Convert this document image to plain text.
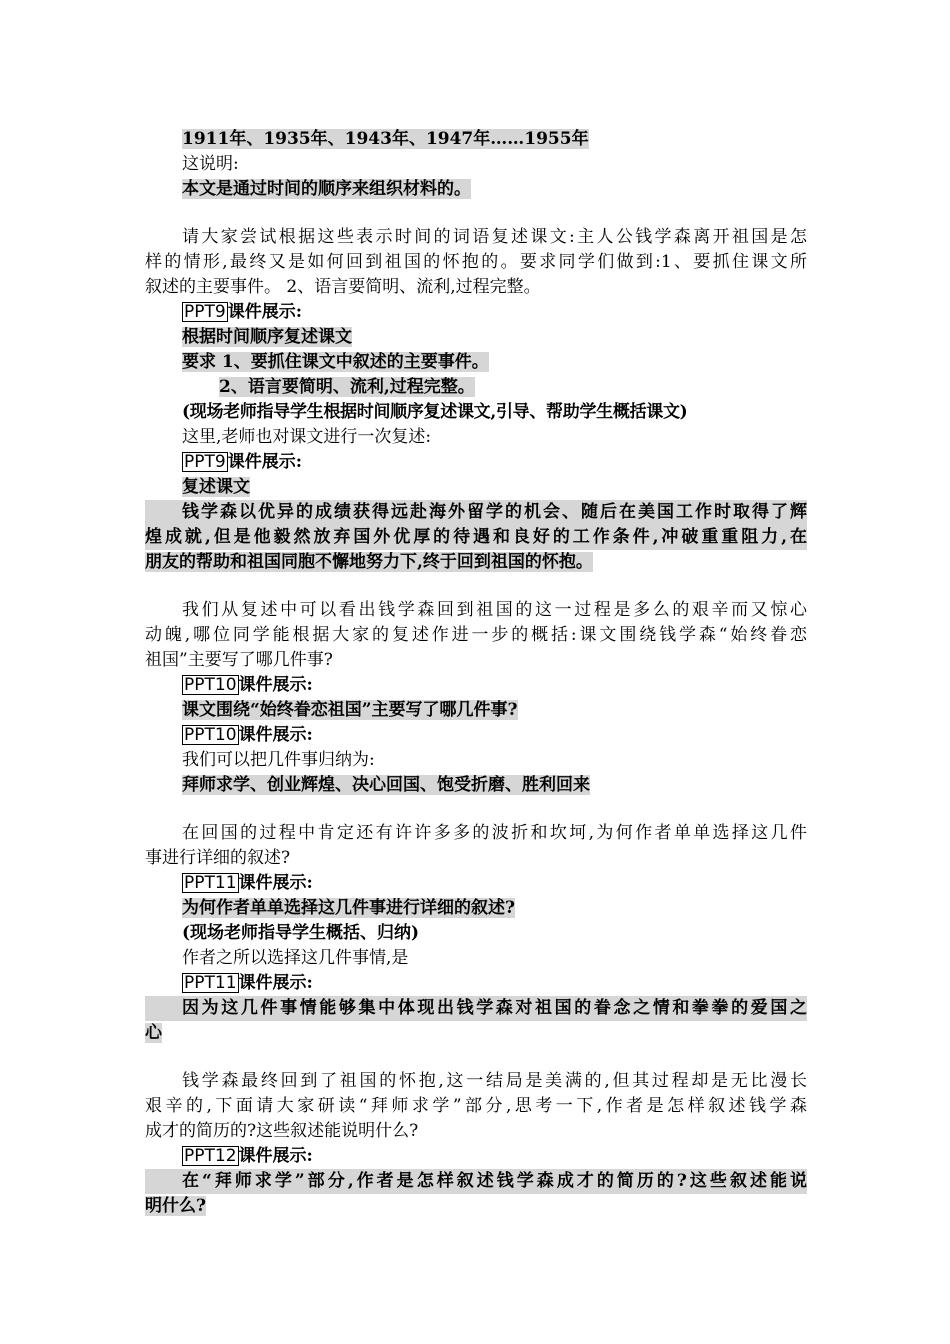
1911年、1935年、1943年、1947年……1955年
这说明:
本文是通过时间的顺序来组织材料的。
请大家尝试根据这些表示时间的词语复述课文:主人公钱学森离开祖国是怎
样的情形,最终又是如何回到祖国的怀抱的。要求同学们做到:1、要抓住课文所
叙述的主要事件。 2、语言要简明、流利,过程完整。
PPT9 课件展示:
根据时间顺序复述课文
要求 1、要抓住课文中叙述的主要事件。
2、语言要简明、流利,过程完整。
(现场老师指导学生根据时间顺序复述课文,引导、帮助学生概括课文)
这里,老师也对课文进行一次复述:
PPT9 课件展示:
复述课文
钱学森以优异的成绩获得远赴海外留学的机会、随后在美国工作时取得了辉
煌成就,但是他毅然放弃国外优厚的待遇和良好的工作条件,冲破重重阻力,在
朋友的帮助和祖国同胞不懈地努力下,终于回到祖国的怀抱。
我们从复述中可以看出钱学森回到祖国的这一过程是多么的艰辛而又惊心
动魄,哪位同学能根据大家的复述作进一步的概括:课文围绕钱学森“始终眷恋
祖国”主要写了哪几件事?
PPT10 课件展示:
课文围绕“始终眷恋祖国”主要写了哪几件事?
PPT10 课件展示:
我们可以把几件事归纳为:
拜师求学、创业辉煌、决心回国、饱受折磨、胜利回来
在回国的过程中肯定还有许许多多的波折和坎坷,为何作者单单选择这几件
事进行详细的叙述?
PPT11 课件展示:
为何作者单单选择这几件事进行详细的叙述?
(现场老师指导学生概括、归纳)
作者之所以选择这几件事情,是
PPT11 课件展示:
因为这几件事情能够集中体现出钱学森对祖国的眷念之情和拳拳的爱国之
心
钱学森最终回到了祖国的怀抱,这一结局是美满的,但其过程却是无比漫长
艰辛的,下面请大家研读“拜师求学”部分,思考一下,作者是怎样叙述钱学森
成才的简历的?这些叙述能说明什么?
PPT12 课件展示:
在“拜师求学”部分,作者是怎样叙述钱学森成才的简历的?这些叙述能说
明什么?
